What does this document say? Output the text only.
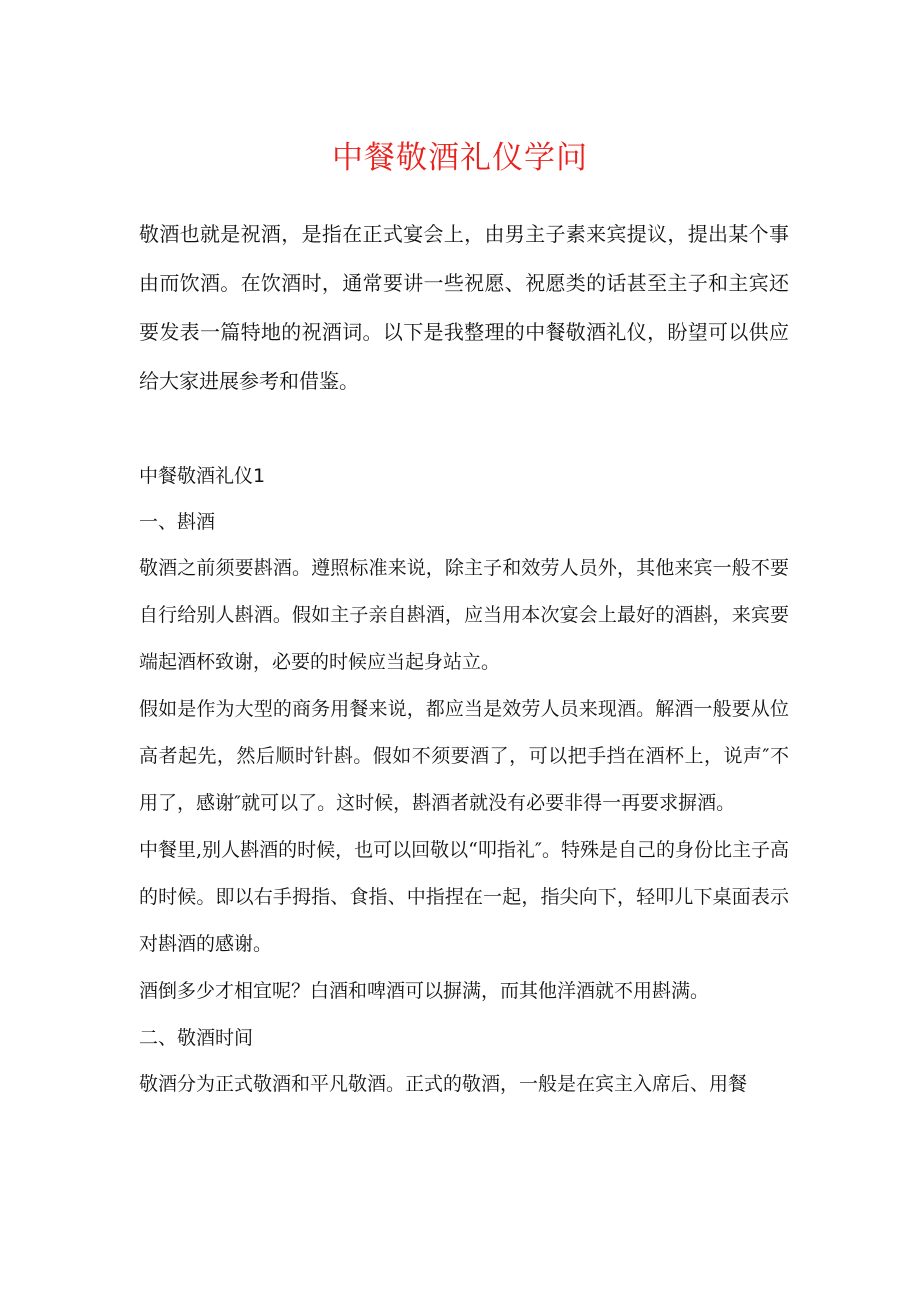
中餐敬酒礼仪学问

敬酒也就是祝酒，是指在正式宴会上，由男主子素来宾提议，提出某个事由而饮酒。在饮酒时，通常要讲一些祝愿、祝愿类的话甚至主子和主宾还要发表一篇特地的祝酒词。以下是我整理的中餐敬酒礼仪，盼望可以供应给大家进展参考和借鉴。

中餐敬酒礼仪1
一、斟酒

敬酒之前须要斟酒。遵照标准来说，除主子和效劳人员外，其他来宾一般不要自行给别人斟酒。假如主子亲自斟酒，应当用本次宴会上最好的酒斟，来宾要端起酒杯致谢，必要的时候应当起身站立。

假如是作为大型的商务用餐来说，都应当是效劳人员来现酒。解酒一般要从位高者起先，然后顺时针斟。假如不须要酒了，可以把手挡在酒杯上，说声″不用了，感谢″就可以了。这时候，斟酒者就没有必要非得一再要求摒酒。

中餐里,别人斟酒的时候，也可以回敬以“叩指礼″。特殊是自己的身份比主子高的时候。即以右手拇指、食指、中指捏在一起，指尖向下，轻叩儿下桌面表示对斟酒的感谢。

酒倒多少才相宜呢？白酒和啤酒可以摒满，而其他洋酒就不用斟满。

二、敬酒时间

敬酒分为正式敬酒和平凡敬酒。正式的敬酒，一般是在宾主入席后、用餐
